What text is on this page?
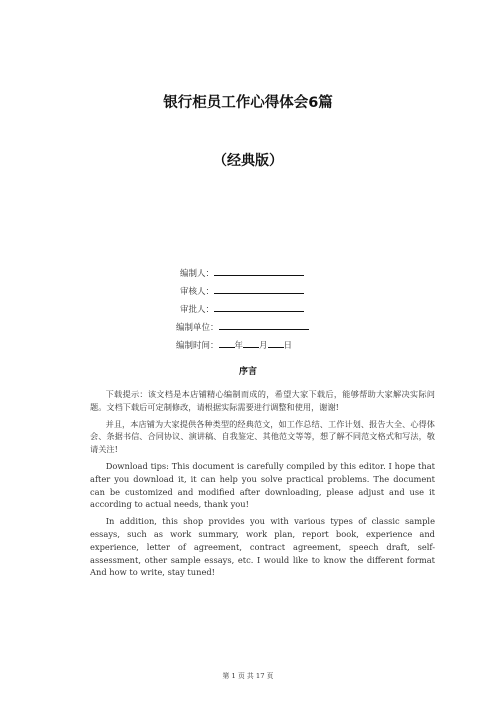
银行柜员工作心得体会6篇
（经典版）
编制人：
审核人：
审批人：
编制单位：
编制时间： 年 月 日
序言

下载提示：该文档是本店铺精心编制而成的，希望大家下载后，能够帮助大家解决实际问题。文档下载后可定制修改，请根据实际需要进行调整和使用，谢谢!

并且，本店铺为大家提供各种类型的经典范文，如工作总结、工作计划、报告大全、心得体会、条据书信、合同协议、演讲稿、自我鉴定、其他范文等等，想了解不同范文格式和写法，敬请关注!

Download tips: This document is carefully compiled by this editor. I hope that after you download it, it can help you solve practical problems. The document can be customized and modified after downloading, please adjust and use it according to actual needs, thank you!

In addition, this shop provides you with various types of classic sample essays, such as work summary, work plan, report book, experience and experience, letter of agreement, contract agreement, speech draft, self-assessment, other sample essays, etc. I would like to know the different format And how to write, stay tuned!

第 1 页 共 17 页
